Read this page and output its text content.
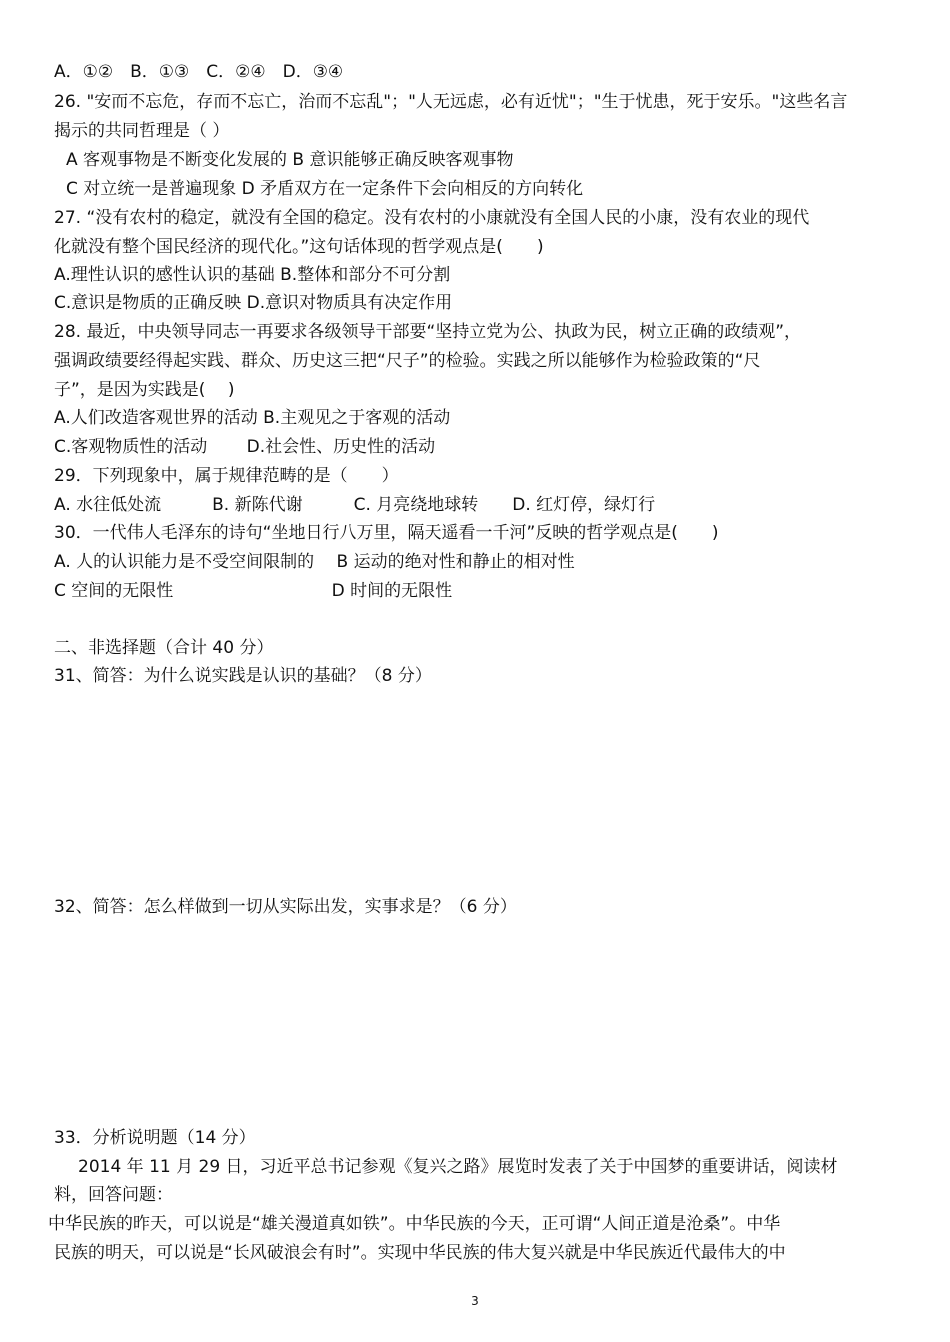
A．①②　B．①③　C．②④　D．③④
26. "安而不忘危，存而不忘亡，治而不忘乱"；"人无远虑，必有近忧"；"生于忧患，死于安乐。"这些名言
揭示的共同哲理是（ ）
A 客观事物是不断变化发展的 B 意识能够正确反映客观事物
C 对立统一是普遍现象 D 矛盾双方在一定条件下会向相反的方向转化
27. “没有农村的稳定，就没有全国的稳定。没有农村的小康就没有全国人民的小康，没有农业的现代
化就没有整个国民经济的现代化。”这句话体现的哲学观点是(　　)
A.理性认识的感性认识的基础 B.整体和部分不可分割
C.意识是物质的正确反映 D.意识对物质具有决定作用
28. 最近，中央领导同志一再要求各级领导干部要“坚持立党为公、执政为民，树立正确的政绩观”，
强调政绩要经得起实践、群众、历史这三把“尺子”的检验。实践之所以能够作为检验政策的“尺
子”，是因为实践是(　 )
A.人们改造客观世界的活动 B.主观见之于客观的活动
C.客观物质性的活动　　 D.社会性、历史性的活动
29．下列现象中，属于规律范畴的是（　　）
A. 水往低处流　　　B. 新陈代谢　　　C. 月亮绕地球转　　D. 红灯停，绿灯行
30．一代伟人毛泽东的诗句“坐地日行八万里，隔天遥看一千河”反映的哲学观点是(　　)
A. 人的认识能力是不受空间限制的　 B 运动的绝对性和静止的相对性
C 空间的无限性　　　　　　　　　 D 时间的无限性
二、非选择题（合计 40 分）
31、简答：为什么说实践是认识的基础？（8 分）
32、简答：怎么样做到一切从实际出发，实事求是？（6 分）
33．分析说明题（14 分）
2014 年 11 月 29 日，习近平总书记参观《复兴之路》展览时发表了关于中国梦的重要讲话，阅读材
料，回答问题：
中华民族的昨天，可以说是“雄关漫道真如铁”。中华民族的今天，正可谓“人间正道是沧桑”。中华
民族的明天，可以说是“长风破浪会有时”。实现中华民族的伟大复兴就是中华民族近代最伟大的中
3
